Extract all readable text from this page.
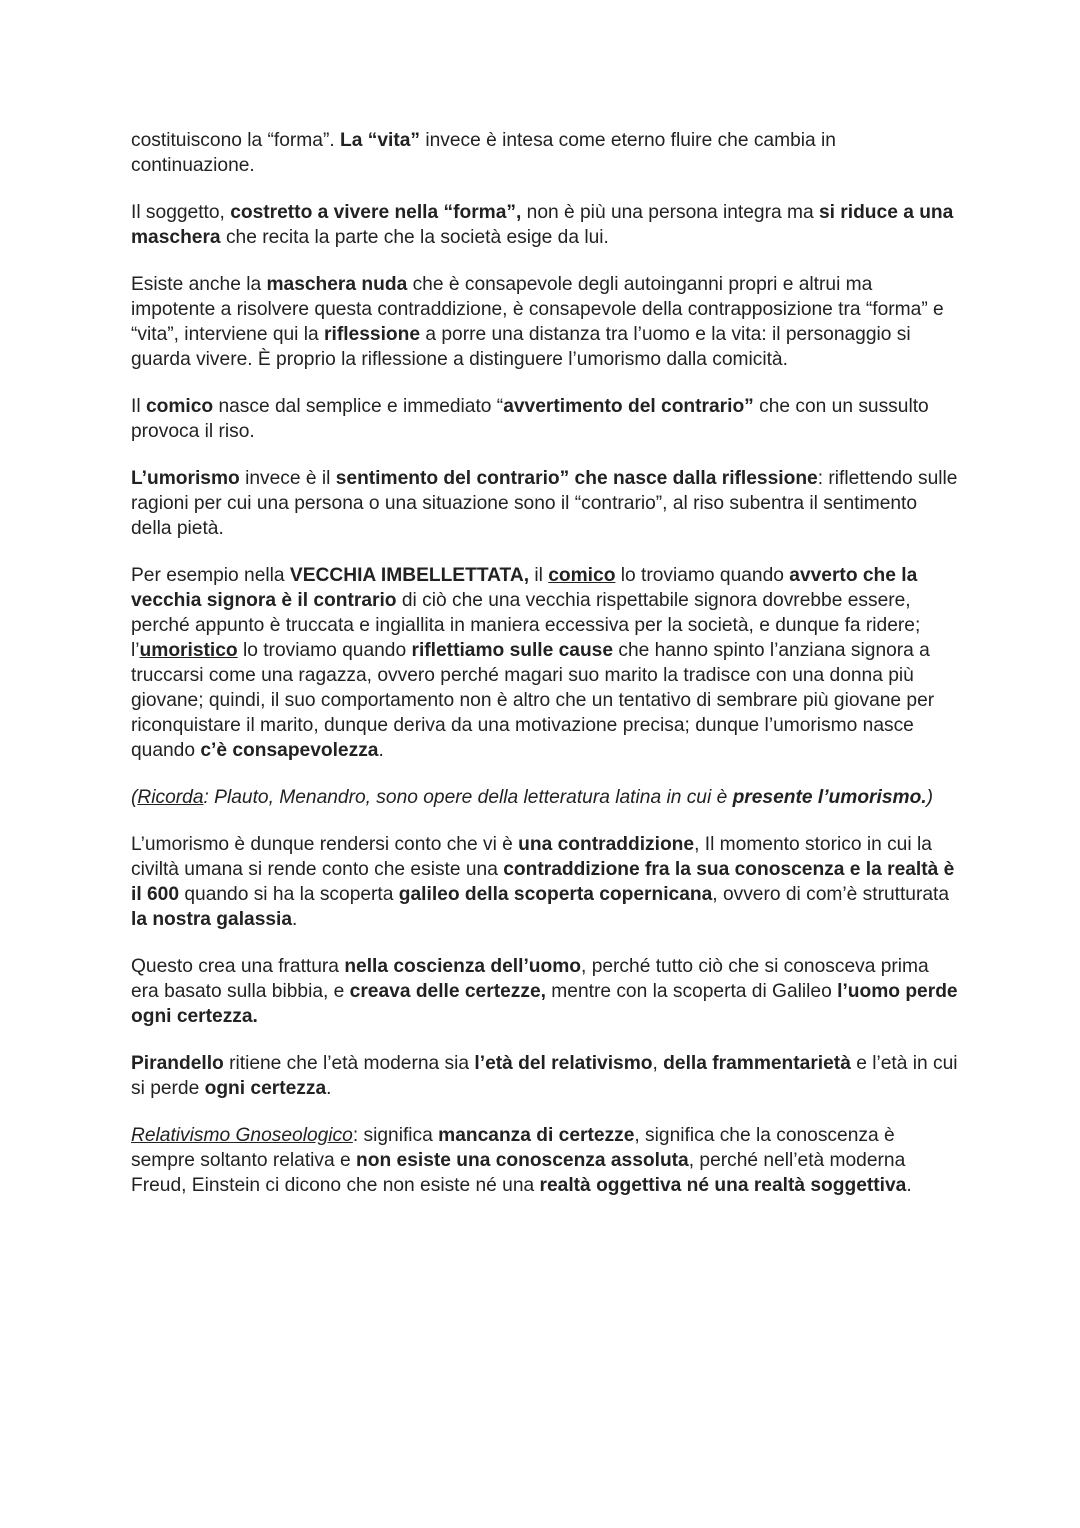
costituiscono la “forma”. La “vita” invece è intesa come eterno fluire che cambia in continuazione.

Il soggetto, costretto a vivere nella “forma”, non è più una persona integra ma si riduce a una maschera che recita la parte che la società esige da lui.

Esiste anche la maschera nuda che è consapevole degli autoinganni propri e altrui ma impotente a risolvere questa contraddizione, è consapevole della contrapposizione tra “forma” e “vita”, interviene qui la riflessione a porre una distanza tra l’uomo e la vita: il personaggio si guarda vivere. È proprio la riflessione a distinguere l’umorismo dalla comicità.

Il comico nasce dal semplice e immediato “avvertimento del contrario” che con un sussulto provoca il riso.

L’umorismo invece è il sentimento del contrario” che nasce dalla riflessione: riflettendo sulle ragioni per cui una persona o una situazione sono il “contrario”, al riso subentra il sentimento della pietà.

Per esempio nella VECCHIA IMBELLETTATA, il comico lo troviamo quando avverto che la vecchia signora è il contrario di ciò che una vecchia rispettabile signora dovrebbe essere, perché appunto è truccata e ingiallita in maniera eccessiva per la società, e dunque fa ridere; l’umoristico lo troviamo quando riflettiamo sulle cause che hanno spinto l’anziana signora a truccarsi come una ragazza, ovvero perché magari suo marito la tradisce con una donna più giovane; quindi, il suo comportamento non è altro che un tentativo di sembrare più giovane per riconquistare il marito, dunque deriva da una motivazione precisa; dunque l’umorismo nasce quando c’è consapevolezza.

(Ricorda: Plauto, Menandro, sono opere della letteratura latina in cui è presente l’umorismo.)

L’umorismo è dunque rendersi conto che vi è una contraddizione, Il momento storico in cui la civiltà umana si rende conto che esiste una contraddizione fra la sua conoscenza e la realtà è il 600 quando si ha la scoperta galileo della scoperta copernicana, ovvero di com’è strutturata la nostra galassia.

Questo crea una frattura nella coscienza dell’uomo, perché tutto ciò che si conosceva prima era basato sulla bibbia, e creava delle certezze, mentre con la scoperta di Galileo l’uomo perde ogni certezza.

Pirandello ritiene che l’età moderna sia l’età del relativismo, della frammentarietà e l’età in cui si perde ogni certezza.

Relativismo Gnoseologico: significa mancanza di certezze, significa che la conoscenza è sempre soltanto relativa e non esiste una conoscenza assoluta, perché nell’età moderna Freud, Einstein ci dicono che non esiste né una realtà oggettiva né una realtà soggettiva.
